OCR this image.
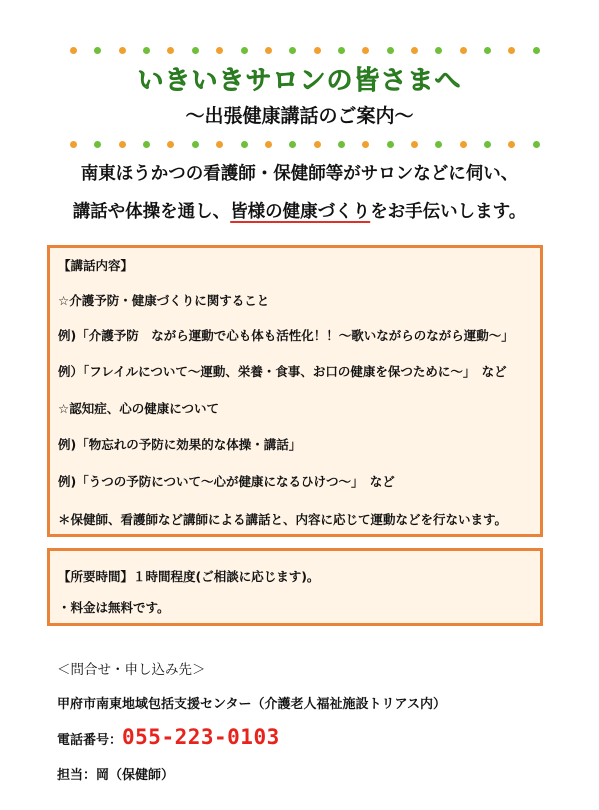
いきいきサロンの皆さまへ
～出張健康講話のご案内～
南東ほうかつの看護師・保健師等がサロンなどに伺い、
講話や体操を通し、皆様の健康づくりをお手伝いします。
【講話内容】
☆介護予防・健康づくりに関すること
例)「介護予防　ながら運動で心も体も活性化！！～歌いながらのながら運動～」
例）「フレイルについて～運動、栄養・食事、お口の健康を保つために～」　など
☆認知症、心の健康について
例)「物忘れの予防に効果的な体操・講話」
例)「うつの予防について～心が健康になるひけつ～」　など
＊保健師、看護師など講師による講話と、内容に応じて運動などを行ないます。
【所要時間】１時間程度(ご相談に応じます)。
・料金は無料です。
＜問合せ・申し込み先＞
甲府市南東地域包括支援センター（介護老人福祉施設トリアス内）
電話番号： 055-223-0103
担当：岡（保健師）
